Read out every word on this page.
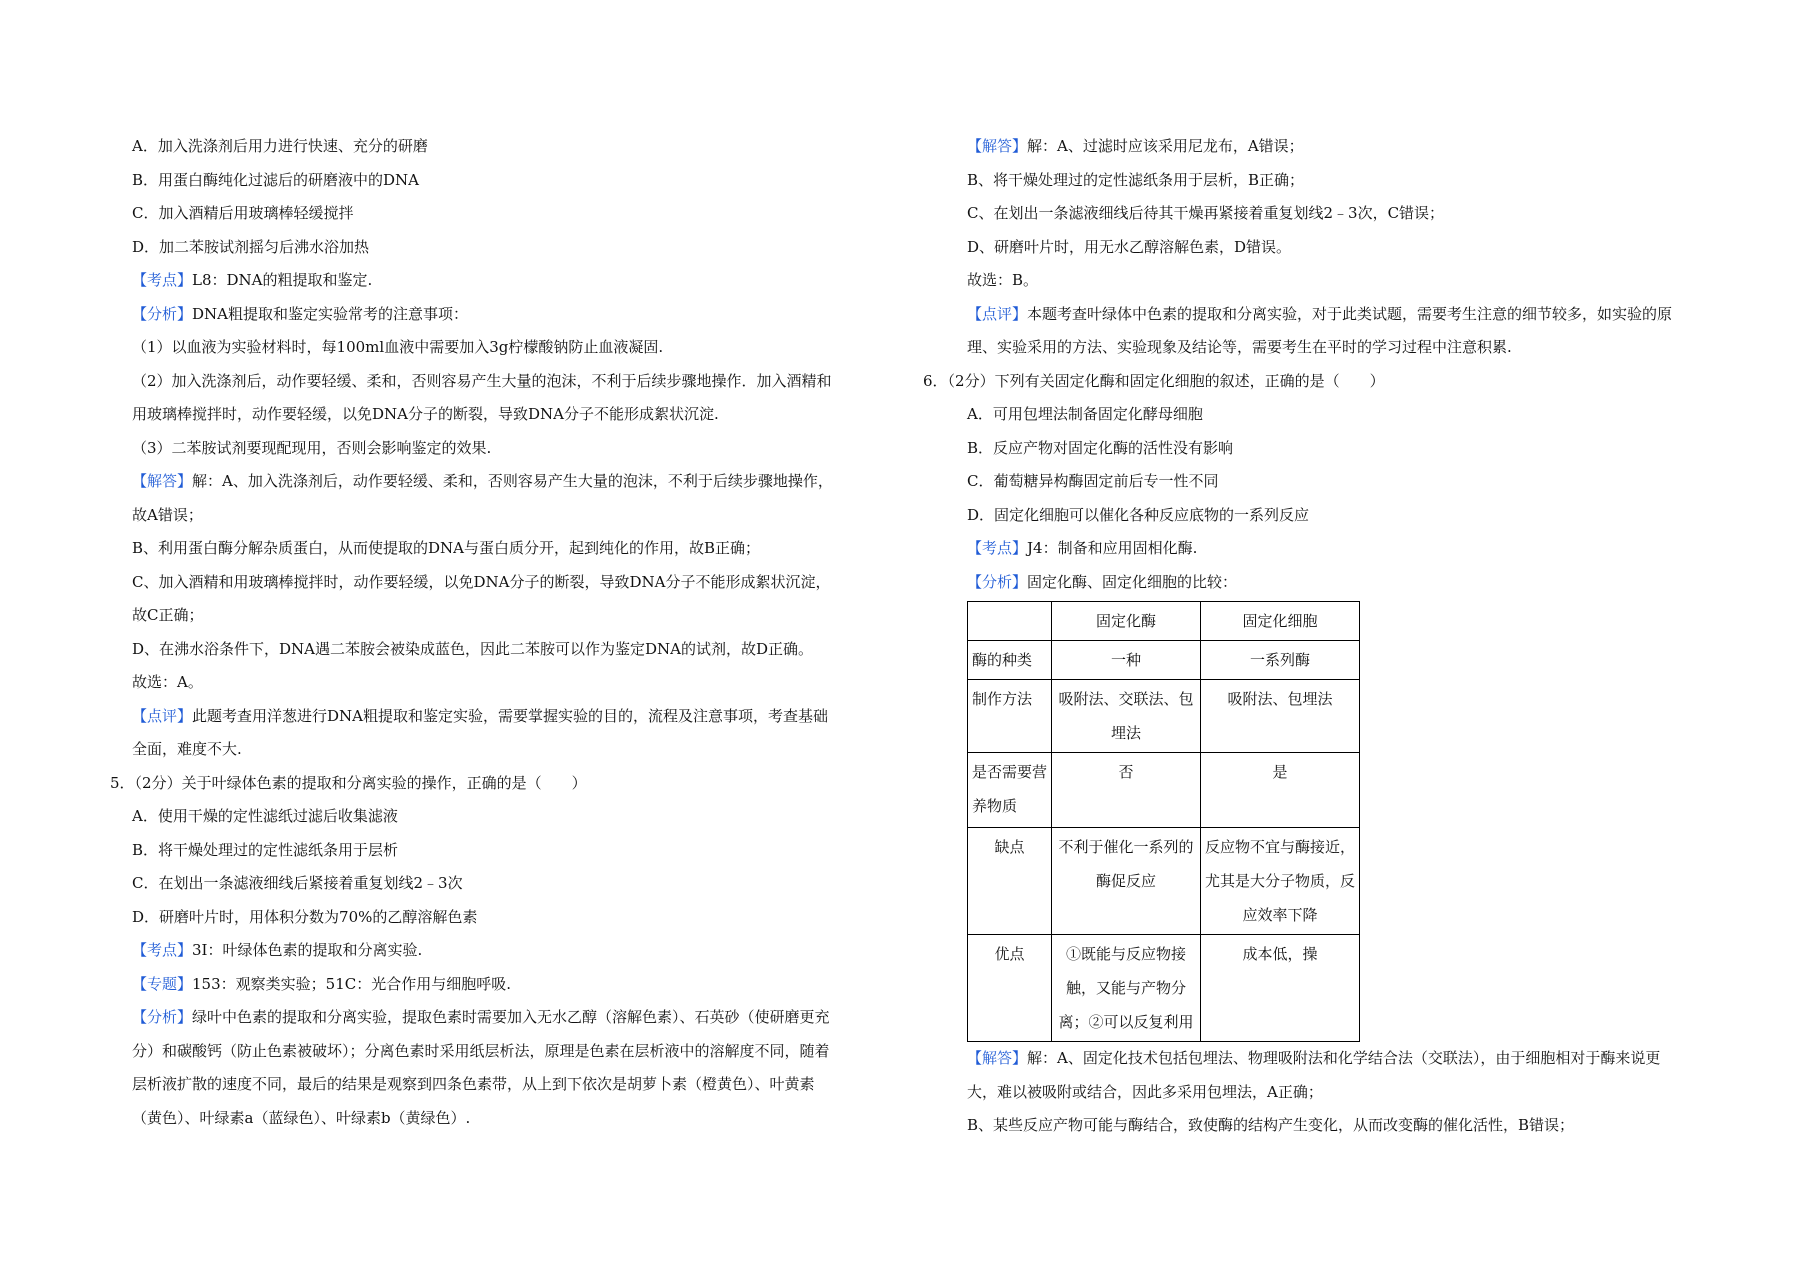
A．加入洗涤剂后用力进行快速、充分的研磨
B．用蛋白酶纯化过滤后的研磨液中的DNA
C．加入酒精后用玻璃棒轻缓搅拌
D．加二苯胺试剂摇匀后沸水浴加热
【考点】L8：DNA的粗提取和鉴定.
【分析】DNA粗提取和鉴定实验常考的注意事项：
（1）以血液为实验材料时，每100ml血液中需要加入3g柠檬酸钠防止血液凝固.
（2）加入洗涤剂后，动作要轻缓、柔和，否则容易产生大量的泡沫，不利于后续步骤地操作．加入酒精和
用玻璃棒搅拌时，动作要轻缓，以免DNA分子的断裂，导致DNA分子不能形成絮状沉淀.
（3）二苯胺试剂要现配现用，否则会影响鉴定的效果.
【解答】解：A、加入洗涤剂后，动作要轻缓、柔和，否则容易产生大量的泡沫，不利于后续步骤地操作，
故A错误；
B、利用蛋白酶分解杂质蛋白，从而使提取的DNA与蛋白质分开，起到纯化的作用，故B正确；
C、加入酒精和用玻璃棒搅拌时，动作要轻缓，以免DNA分子的断裂，导致DNA分子不能形成絮状沉淀，
故C正确；
D、在沸水浴条件下，DNA遇二苯胺会被染成蓝色，因此二苯胺可以作为鉴定DNA的试剂，故D正确。
故选：A。
【点评】此题考查用洋葱进行DNA粗提取和鉴定实验，需要掌握实验的目的，流程及注意事项，考查基础
全面，难度不大.
5．（2分）关于叶绿体色素的提取和分离实验的操作，正确的是（　　）
A．使用干燥的定性滤纸过滤后收集滤液
B．将干燥处理过的定性滤纸条用于层析
C．在划出一条滤液细线后紧接着重复划线2﹣3次
D．研磨叶片时，用体积分数为70%的乙醇溶解色素
【考点】3I：叶绿体色素的提取和分离实验.
【专题】153：观察类实验；51C：光合作用与细胞呼吸.
【分析】绿叶中色素的提取和分离实验，提取色素时需要加入无水乙醇（溶解色素）、石英砂（使研磨更充
分）和碳酸钙（防止色素被破坏）；分离色素时采用纸层析法，原理是色素在层析液中的溶解度不同，随着
层析液扩散的速度不同，最后的结果是观察到四条色素带，从上到下依次是胡萝卜素（橙黄色）、叶黄素
（黄色）、叶绿素a（蓝绿色）、叶绿素b（黄绿色）.
【解答】解：A、过滤时应该采用尼龙布，A错误；
B、将干燥处理过的定性滤纸条用于层析，B正确；
C、在划出一条滤液细线后待其干燥再紧接着重复划线2﹣3次，C错误；
D、研磨叶片时，用无水乙醇溶解色素，D错误。
故选：B。
【点评】本题考查叶绿体中色素的提取和分离实验，对于此类试题，需要考生注意的细节较多，如实验的原
理、实验采用的方法、实验现象及结论等，需要考生在平时的学习过程中注意积累.
6．（2分）下列有关固定化酶和固定化细胞的叙述，正确的是（　　）
A．可用包埋法制备固定化酵母细胞
B．反应产物对固定化酶的活性没有影响
C．葡萄糖异构酶固定前后专一性不同
D．固定化细胞可以催化各种反应底物的一系列反应
【考点】J4：制备和应用固相化酶.
【分析】固定化酶、固定化细胞的比较：
	固定化酶	固定化细胞
酶的种类	一种	一系列酶
制作方法	吸附法、交联法、包埋法	吸附法、包埋法
是否需要营养物质	否	是
缺点	不利于催化一系列的酶促反应	反应物不宜与酶接近，尤其是大分子物质，反应效率下降
优点	①既能与反应物接触，又能与产物分离；②可以反复利用	成本低，操
【解答】解：A、固定化技术包括包埋法、物理吸附法和化学结合法（交联法），由于细胞相对于酶来说更
大，难以被吸附或结合，因此多采用包埋法，A正确；
B、某些反应产物可能与酶结合，致使酶的结构产生变化，从而改变酶的催化活性，B错误；
